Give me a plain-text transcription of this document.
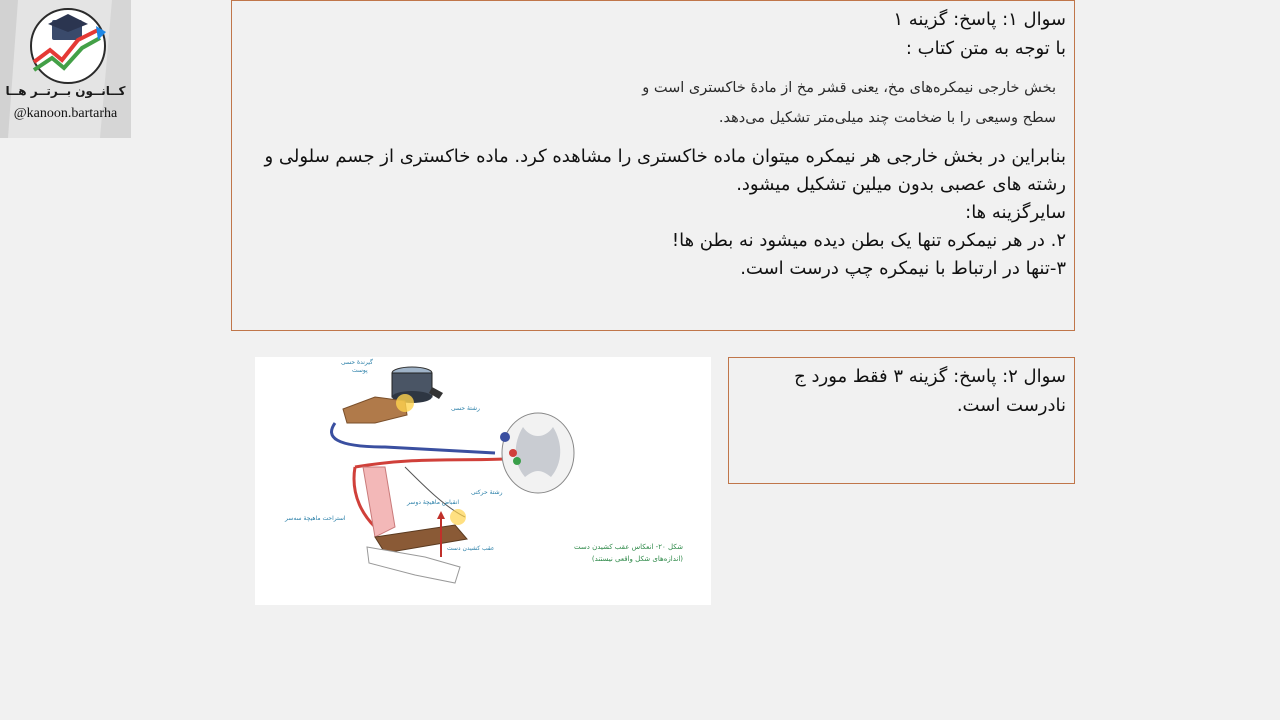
کــانــون بــرتــر هــا
@kanoon.bartarha
سوال ۱: پاسخ: گزینه ۱
با توجه به متن کتاب :
بخش خارجی نیمکره‌های مخ، یعنی قشر مخ از مادهٔ خاکستری است و
سطح وسیعی را با ضخامت چند میلی‌متر تشکیل می‌دهد.
بنابراین در بخش خارجی هر نیمکره میتوان ماده خاکستری را مشاهده کرد. ماده خاکستری از جسم سلولی و رشته های عصبی بدون میلین تشکیل میشود.
سایرگزینه ها:
۲. در هر نیمکره تنها یک بطن دیده میشود نه بطن ها!
۳-تنها در ارتباط با نیمکره چپ درست است.
گیرندهٔ حسی
پوست
رشتهٔ حسی
رشتهٔ حرکتی
انقباض ماهیچهٔ دوسر
استراحت ماهیچهٔ سه‌سر
عقب کشیدن دست	شکل ۲۰- انعکاس عقب کشیدن دست
(اندازه‌های شکل واقعی نیستند)
سوال ۲: پاسخ: گزینه ۳ فقط مورد ج
نادرست است.
